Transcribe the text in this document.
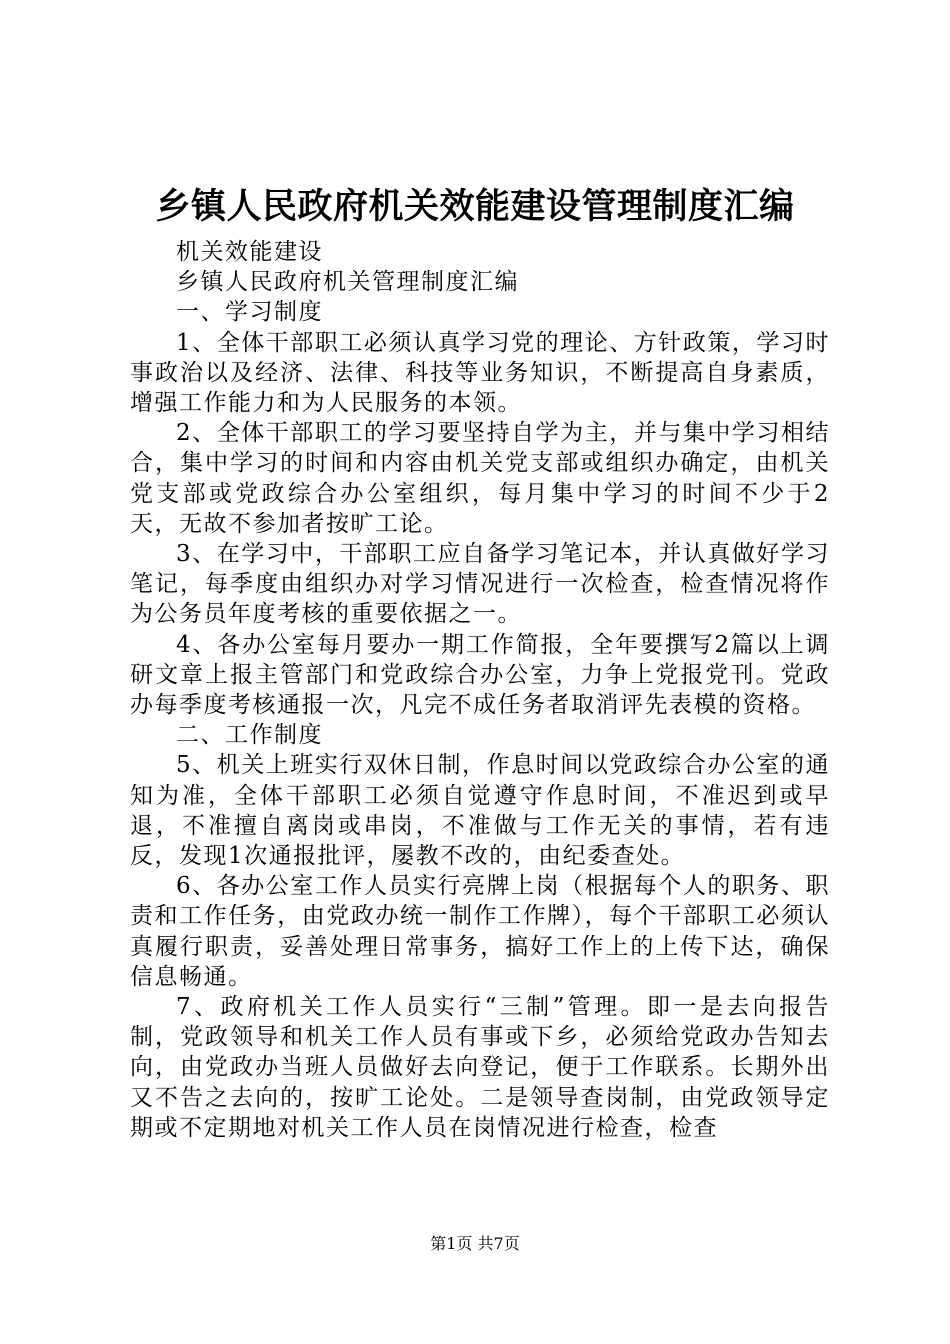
乡镇人民政府机关效能建设管理制度汇编

机关效能建设

乡镇人民政府机关管理制度汇编

一、学习制度

1、全体干部职工必须认真学习党的理论、方针政策，学习时事政治以及经济、法律、科技等业务知识，不断提高自身素质，增强工作能力和为人民服务的本领。

2、全体干部职工的学习要坚持自学为主，并与集中学习相结合，集中学习的时间和内容由机关党支部或组织办确定，由机关党支部或党政综合办公室组织，每月集中学习的时间不少于2天，无故不参加者按旷工论。

3、在学习中，干部职工应自备学习笔记本，并认真做好学习笔记，每季度由组织办对学习情况进行一次检查，检查情况将作为公务员年度考核的重要依据之一。

4、各办公室每月要办一期工作简报，全年要撰写2篇以上调研文章上报主管部门和党政综合办公室，力争上党报党刊。党政办每季度考核通报一次，凡完不成任务者取消评先表模的资格。

二、工作制度

5、机关上班实行双休日制，作息时间以党政综合办公室的通知为准，全体干部职工必须自觉遵守作息时间，不准迟到或早退，不准擅自离岗或串岗，不准做与工作无关的事情，若有违反，发现1次通报批评，屡教不改的，由纪委查处。

6、各办公室工作人员实行亮牌上岗（根据每个人的职务、职责和工作任务，由党政办统一制作工作牌），每个干部职工必须认真履行职责，妥善处理日常事务，搞好工作上的上传下达，确保信息畅通。

7、政府机关工作人员实行“三制”管理。即一是去向报告制，党政领导和机关工作人员有事或下乡，必须给党政办告知去向，由党政办当班人员做好去向登记，便于工作联系。长期外出又不告之去向的，按旷工论处。二是领导查岗制，由党政领导定期或不定期地对机关工作人员在岗情况进行检查，检查

第1页 共7页
